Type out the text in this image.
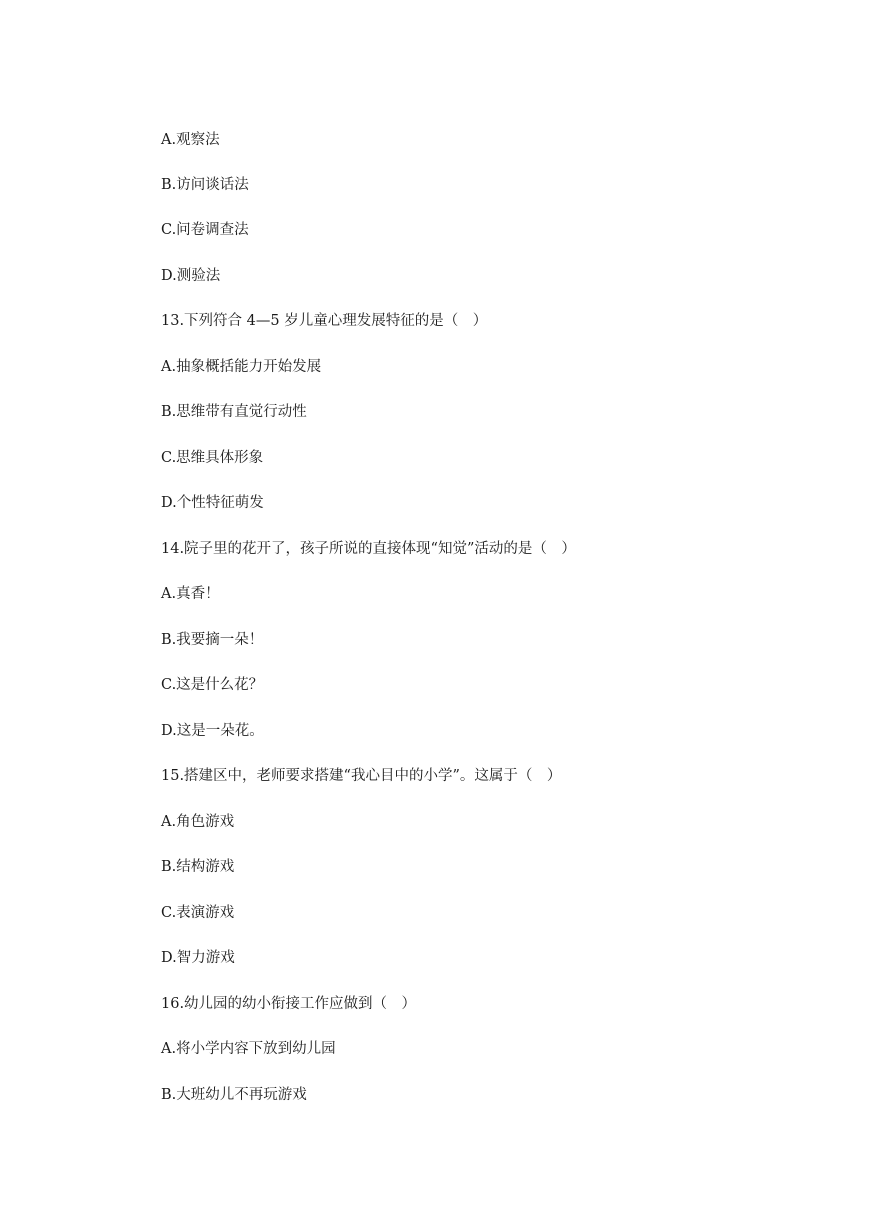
A.观察法

B.访问谈话法

C.问卷调查法

D.测验法

13.下列符合 4—5 岁儿童心理发展特征的是（　）

A.抽象概括能力开始发展

B.思维带有直觉行动性

C.思维具体形象

D.个性特征萌发

14.院子里的花开了，孩子所说的直接体现“知觉”活动的是（　）

A.真香！

B.我要摘一朵！

C.这是什么花？

D.这是一朵花。

15.搭建区中，老师要求搭建“我心目中的小学”。这属于（　）

A.角色游戏

B.结构游戏

C.表演游戏

D.智力游戏

16.幼儿园的幼小衔接工作应做到（　）

A.将小学内容下放到幼儿园

B.大班幼儿不再玩游戏
